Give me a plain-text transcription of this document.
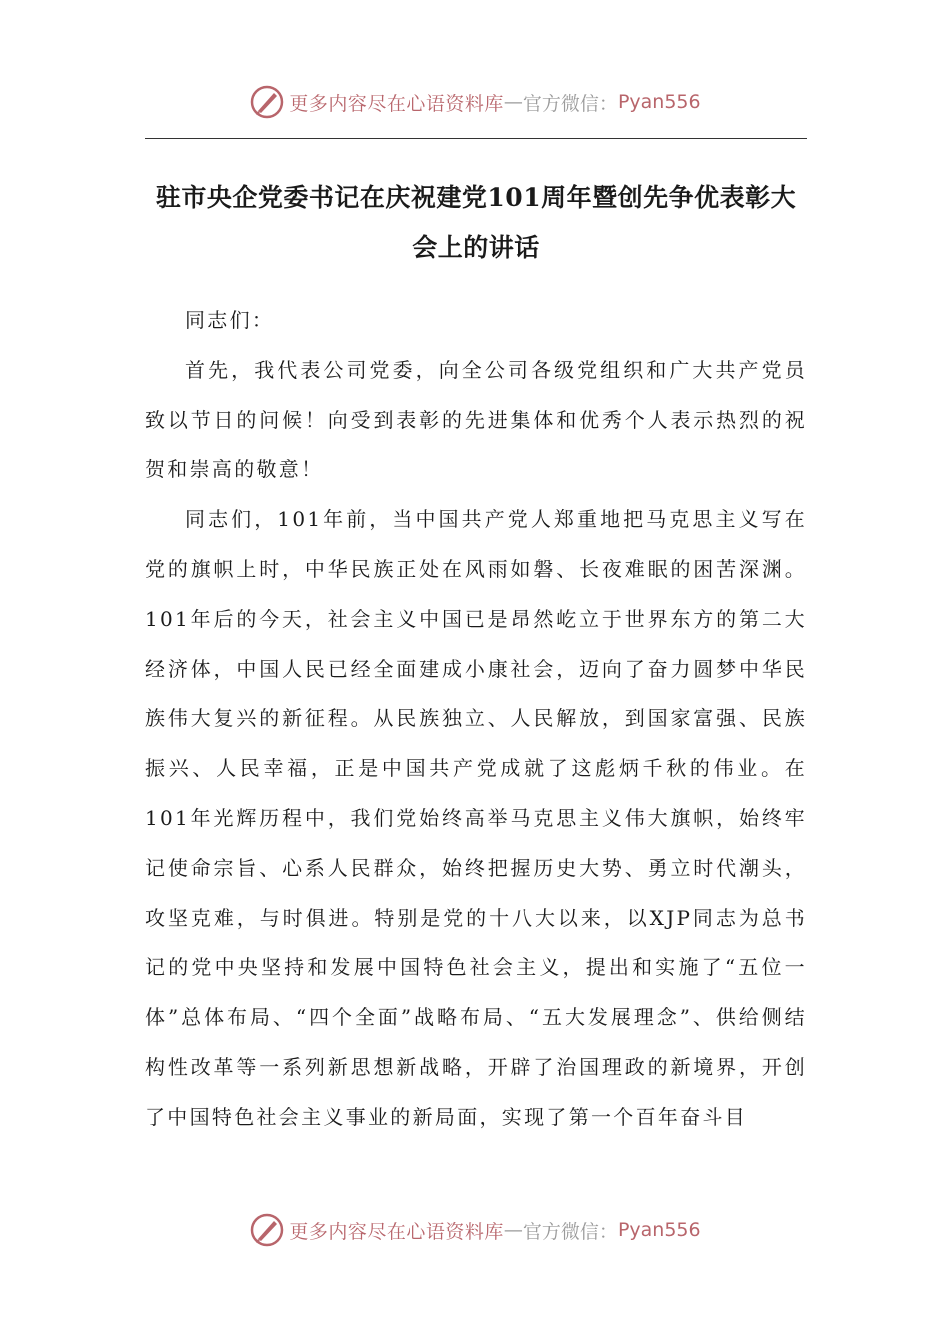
更多内容尽在心语资料库 — 官方微信： Pyan556
驻市央企党委书记在庆祝建党101周年暨创先争优表彰大会上的讲话

同志们：

首先，我代表公司党委，向全公司各级党组织和广大共产党员致以节日的问候！向受到表彰的先进集体和优秀个人表示热烈的祝贺和崇高的敬意！

同志们，101年前，当中国共产党人郑重地把马克思主义写在党的旗帜上时，中华民族正处在风雨如磐、长夜难眠的困苦深渊。101年后的今天，社会主义中国已是昂然屹立于世界东方的第二大经济体，中国人民已经全面建成小康社会，迈向了奋力圆梦中华民族伟大复兴的新征程。从民族独立、人民解放，到国家富强、民族振兴、人民幸福，正是中国共产党成就了这彪炳千秋的伟业。在101年光辉历程中，我们党始终高举马克思主义伟大旗帜，始终牢记使命宗旨、心系人民群众，始终把握历史大势、勇立时代潮头，攻坚克难，与时俱进。特别是党的十八大以来，以XJP同志为总书记的党中央坚持和发展中国特色社会主义，提出和实施了“五位一体”总体布局、“四个全面”战略布局、“五大发展理念”、供给侧结构性改革等一系列新思想新战略，开辟了治国理政的新境界，开创了中国特色社会主义事业的新局面，实现了第一个百年奋斗目

更多内容尽在心语资料库 — 官方微信： Pyan556
